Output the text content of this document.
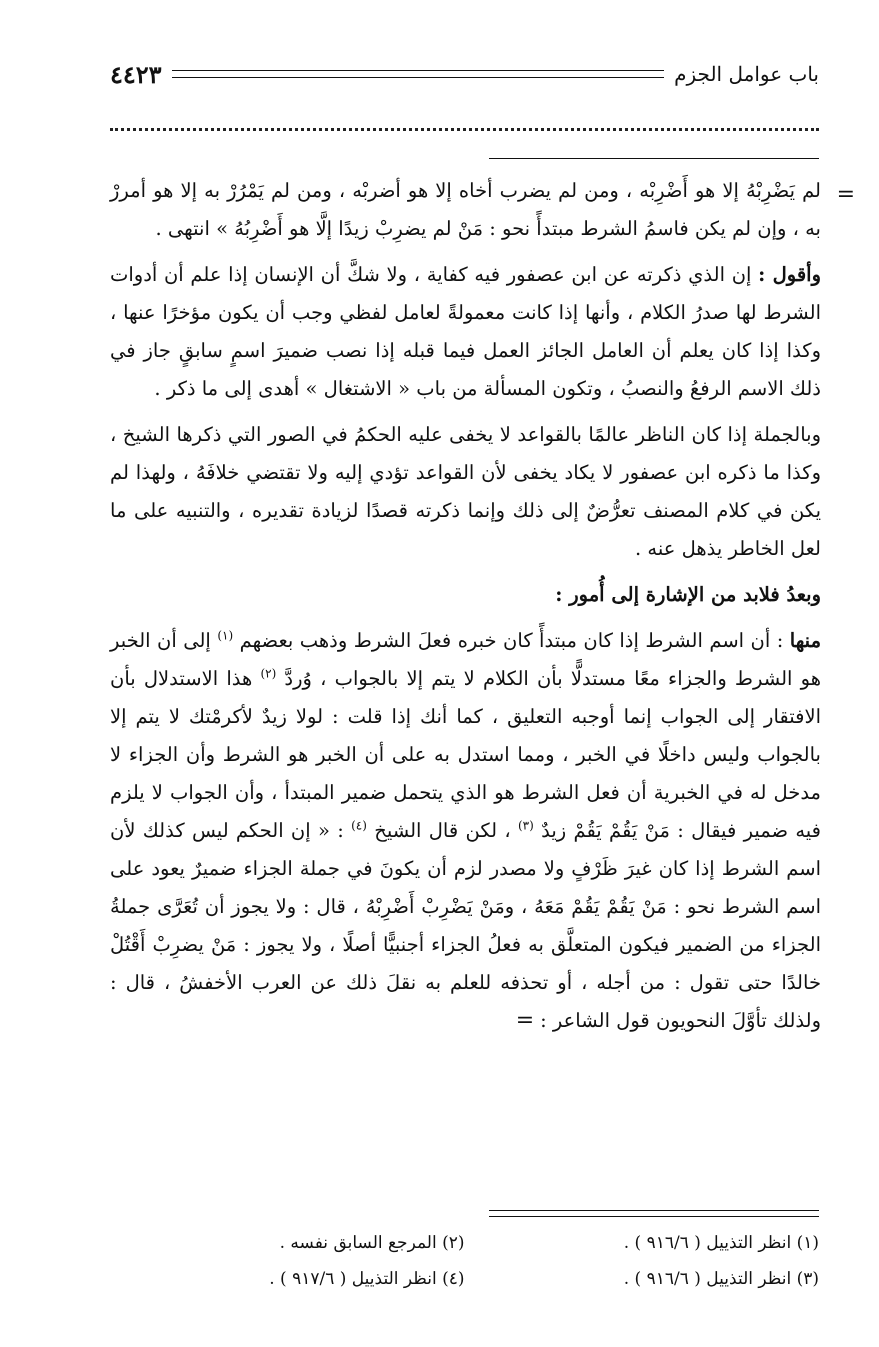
باب عوامل الجزم
٤٤٢٣
=

لم يَضْرِبْهُ إلا هو أَضْرِبْه ، ومن لم يضرب أخاه إلا هو أضربْه ، ومن لم يَمْرُرْ به إلا هو أمررْ به ، وإن لم يكن فاسمُ الشرط مبتدأً نحو : مَنْ لم يضرِبْ زيدًا إلَّا هو أَضْرِبُهُ » انتهى .

وأقول : إن الذي ذكرته عن ابن عصفور فيه كفاية ، ولا شكَّ أن الإنسان إذا علم أن أدوات الشرط لها صدرُ الكلام ، وأنها إذا كانت معمولةً لعامل لفظي وجب أن يكون مؤخرًا عنها ، وكذا إذا كان يعلم أن العامل الجائز العمل فيما قبله إذا نصب ضميرَ اسمٍ سابقٍ جاز في ذلك الاسم الرفعُ والنصبُ ، وتكون المسألة من باب « الاشتغال » أهدى إلى ما ذكر .

وبالجملة إذا كان الناظر عالمًا بالقواعد لا يخفى عليه الحكمُ في الصور التي ذكرها الشيخ ، وكذا ما ذكره ابن عصفور لا يكاد يخفى لأن القواعد تؤدي إليه ولا تقتضي خلافَهُ ، ولهذا لم يكن في كلام المصنف تعرُّضٌ إلى ذلك وإنما ذكرته قصدًا لزيادة تقديره ، والتنبيه على ما لعل الخاطر يذهل عنه .

وبعدُ فلابد من الإشارة إلى أُمور :

منها : أن اسم الشرط إذا كان مبتدأً كان خبره فعلَ الشرط وذهب بعضهم $^{(١)}$ إلى أن الخبر هو الشرط والجزاء معًا مستدلًّا بأن الكلام لا يتم إلا بالجواب ، وُردَّ $^{(٢)}$ هذا الاستدلال بأن الافتقار إلى الجواب إنما أوجبه التعليق ، كما أنك إذا قلت : لولا زيدٌ لأكرمْتك لا يتم إلا بالجواب وليس داخلًا في الخبر ، ومما استدل به على أن الخبر هو الشرط وأن الجزاء لا مدخل له في الخبرية أن فعل الشرط هو الذي يتحمل ضمير المبتدأ ، وأن الجواب لا يلزم فيه ضمير فيقال : مَنْ يَقُمْ يَقُمْ زيدٌ $^{(٣)}$ ، لكن قال الشيخ $^{(٤)}$ : « إن الحكم ليس كذلك لأن اسم الشرط إذا كان غيرَ ظَرْفٍ ولا مصدر لزم أن يكونَ في جملة الجزاء ضميرٌ يعود على اسم الشرط نحو : مَنْ يَقُمْ يَقُمْ مَعَهُ ، ومَنْ يَضْرِبْ أَضْرِبْهُ ، قال : ولا يجوز أن تُعَرَّى جملةُ الجزاء من الضمير فيكون المتعلَّق به فعلُ الجزاء أجنبيًّا أصلًا ، ولا يجوز : مَنْ يضرِبْ أَقْتُلْ خالدًا حتى تقول : من أجله ، أو تحذفه للعلم به نقلَ ذلك عن العرب الأخفشُ ، قال : ولذلك تأوَّلَ النحويون قول الشاعر :=

(١) انظر التذييل ( ٩١٦/٦ ) .
(٢) المرجع السابق نفسه .
(٣) انظر التذييل ( ٩١٦/٦ ) .
(٤) انظر التذييل ( ٩١٧/٦ ) .
